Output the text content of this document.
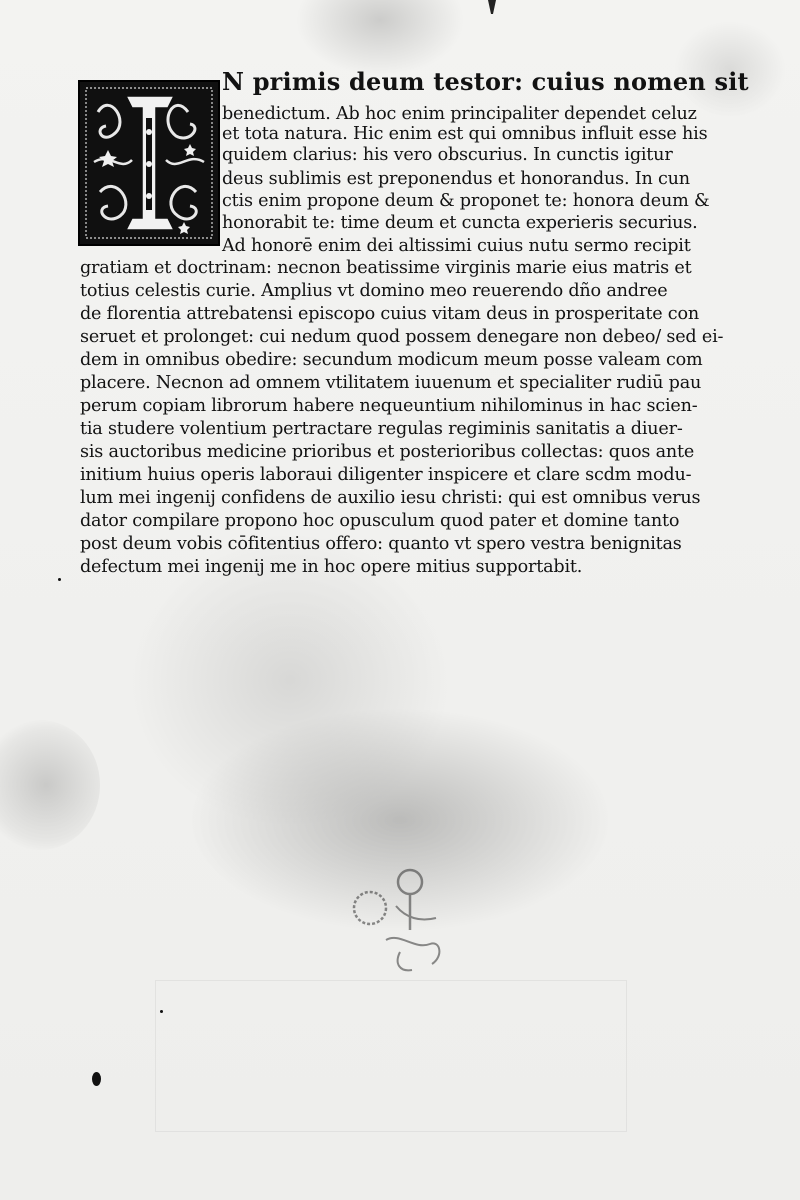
N primis deum testor: cuius nomen sit
benedictum. Ab hoc enim principaliter dependet celuz
et tota natura. Hic enim est qui omnibus influit esse his
quidem clarius: his vero obscurius. In cunctis igitur
deus sublimis est preponendus et honorandus. In cun
ctis enim propone deum & proponet te: honora deum &
honorabit te: time deum et cuncta experieris securius.
Ad honorē enim dei altissimi cuius nutu sermo recipit
gratiam et doctrinam: necnon beatissime virginis marie eius matris et
totius celestis curie. Amplius vt domino meo reuerendo dño andree
de florentia attrebatensi episcopo cuius vitam deus in prosperitate con
seruet et prolonget: cui nedum quod possem denegare non debeo/ sed ei-
dem in omnibus obedire: secundum modicum meum posse valeam com
placere. Necnon ad omnem vtilitatem iuuenum et specialiter rudiū pau
perum copiam librorum habere nequeuntium nihilominus in hac scien-
tia studere volentium pertractare regulas regiminis sanitatis a diuer-
sis auctoribus medicine prioribus et posterioribus collectas: quos ante
initium huius operis laboraui diligenter inspicere et clare scdm modu-
lum mei ingenij confidens de auxilio iesu christi: qui est omnibus verus
dator compilare propono hoc opusculum quod pater et domine tanto
post deum vobis cōfitentius offero: quanto vt spero vestra benignitas
defectum mei ingenij me in hoc opere mitius supportabit.
